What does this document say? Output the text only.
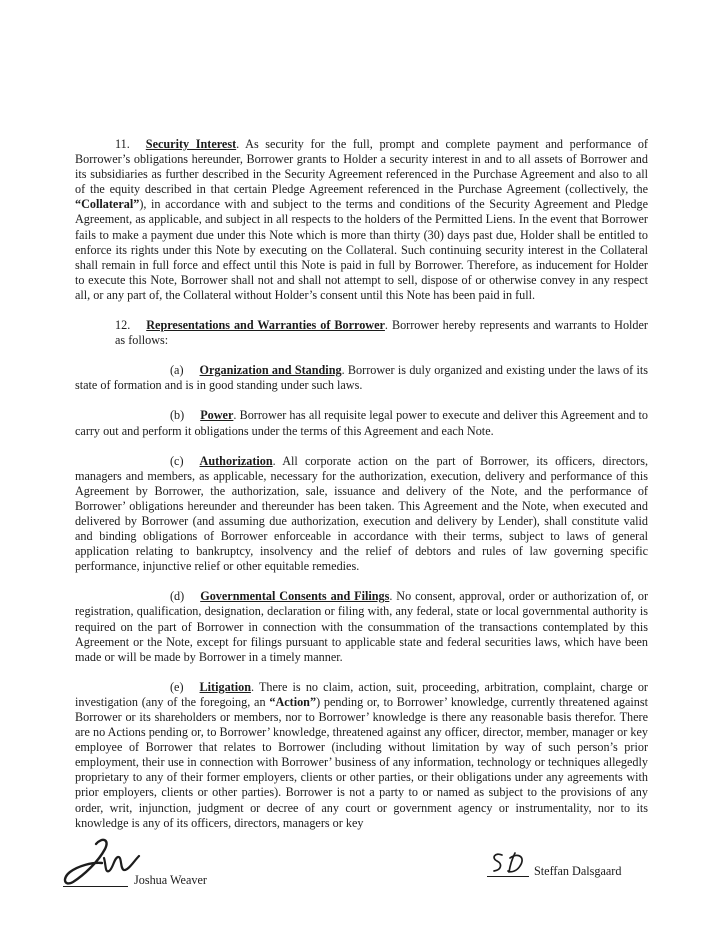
11. Security Interest. As security for the full, prompt and complete payment and performance of Borrower’s obligations hereunder, Borrower grants to Holder a security interest in and to all assets of Borrower and its subsidiaries as further described in the Security Agreement referenced in the Purchase Agreement and also to all of the equity described in that certain Pledge Agreement referenced in the Purchase Agreement (collectively, the “Collateral”), in accordance with and subject to the terms and conditions of the Security Agreement and Pledge Agreement, as applicable, and subject in all respects to the holders of the Permitted Liens. In the event that Borrower fails to make a payment due under this Note which is more than thirty (30) days past due, Holder shall be entitled to enforce its rights under this Note by executing on the Collateral. Such continuing security interest in the Collateral shall remain in full force and effect until this Note is paid in full by Borrower. Therefore, as inducement for Holder to execute this Note, Borrower shall not and shall not attempt to sell, dispose of or otherwise convey in any respect all, or any part of, the Collateral without Holder’s consent until this Note has been paid in full.

12. Representations and Warranties of Borrower. Borrower hereby represents and warrants to Holder as follows:

(a) Organization and Standing. Borrower is duly organized and existing under the laws of its state of formation and is in good standing under such laws.

(b) Power. Borrower has all requisite legal power to execute and deliver this Agreement and to carry out and perform it obligations under the terms of this Agreement and each Note.

(c) Authorization. All corporate action on the part of Borrower, its officers, directors, managers and members, as applicable, necessary for the authorization, execution, delivery and performance of this Agreement by Borrower, the authorization, sale, issuance and delivery of the Note, and the performance of Borrower’ obligations hereunder and thereunder has been taken. This Agreement and the Note, when executed and delivered by Borrower (and assuming due authorization, execution and delivery by Lender), shall constitute valid and binding obligations of Borrower enforceable in accordance with their terms, subject to laws of general application relating to bankruptcy, insolvency and the relief of debtors and rules of law governing specific performance, injunctive relief or other equitable remedies.

(d) Governmental Consents and Filings. No consent, approval, order or authorization of, or registration, qualification, designation, declaration or filing with, any federal, state or local governmental authority is required on the part of Borrower in connection with the consummation of the transactions contemplated by this Agreement or the Note, except for filings pursuant to applicable state and federal securities laws, which have been made or will be made by Borrower in a timely manner.

(e) Litigation. There is no claim, action, suit, proceeding, arbitration, complaint, charge or investigation (any of the foregoing, an “Action”) pending or, to Borrower’ knowledge, currently threatened against Borrower or its shareholders or members, nor to Borrower’ knowledge is there any reasonable basis therefor. There are no Actions pending or, to Borrower’ knowledge, threatened against any officer, director, member, manager or key employee of Borrower that relates to Borrower (including without limitation by way of such person’s prior employment, their use in connection with Borrower’ business of any information, technology or techniques allegedly proprietary to any of their former employers, clients or other parties, or their obligations under any agreements with prior employers, clients or other parties). Borrower is not a party to or named as subject to the provisions of any order, writ, injunction, judgment or decree of any court or government agency or instrumentality, nor to its knowledge is any of its officers, directors, managers or key

Joshua Weaver
Steffan Dalsgaard
